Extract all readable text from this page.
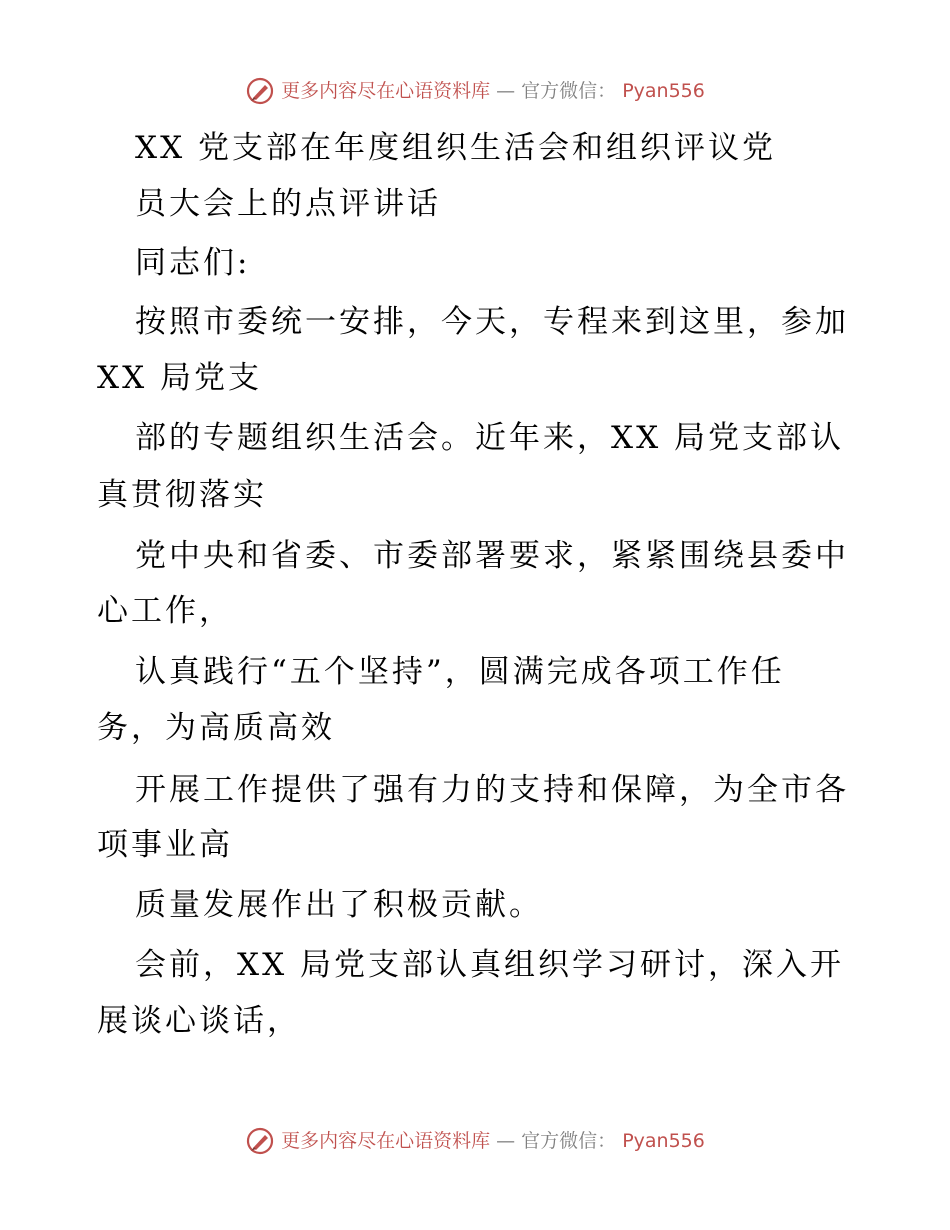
更多内容尽在心语资料库 — 官方微信： Pyan556
XX 党支部在年度组织生活会和组织评议党
员大会上的点评讲话
同志们:
按照市委统一安排，今天，专程来到这里，参加
XX 局党支
部的专题组织生活会。近年来，XX 局党支部认
真贯彻落实
党中央和省委、市委部署要求，紧紧围绕县委中
心工作，
认真践行“五个坚持”，圆满完成各项工作任
务，为高质高效
开展工作提供了强有力的支持和保障，为全市各
项事业高
质量发展作出了积极贡献。
会前，XX 局党支部认真组织学习研讨，深入开
展谈心谈话，
更多内容尽在心语资料库 — 官方微信： Pyan556
